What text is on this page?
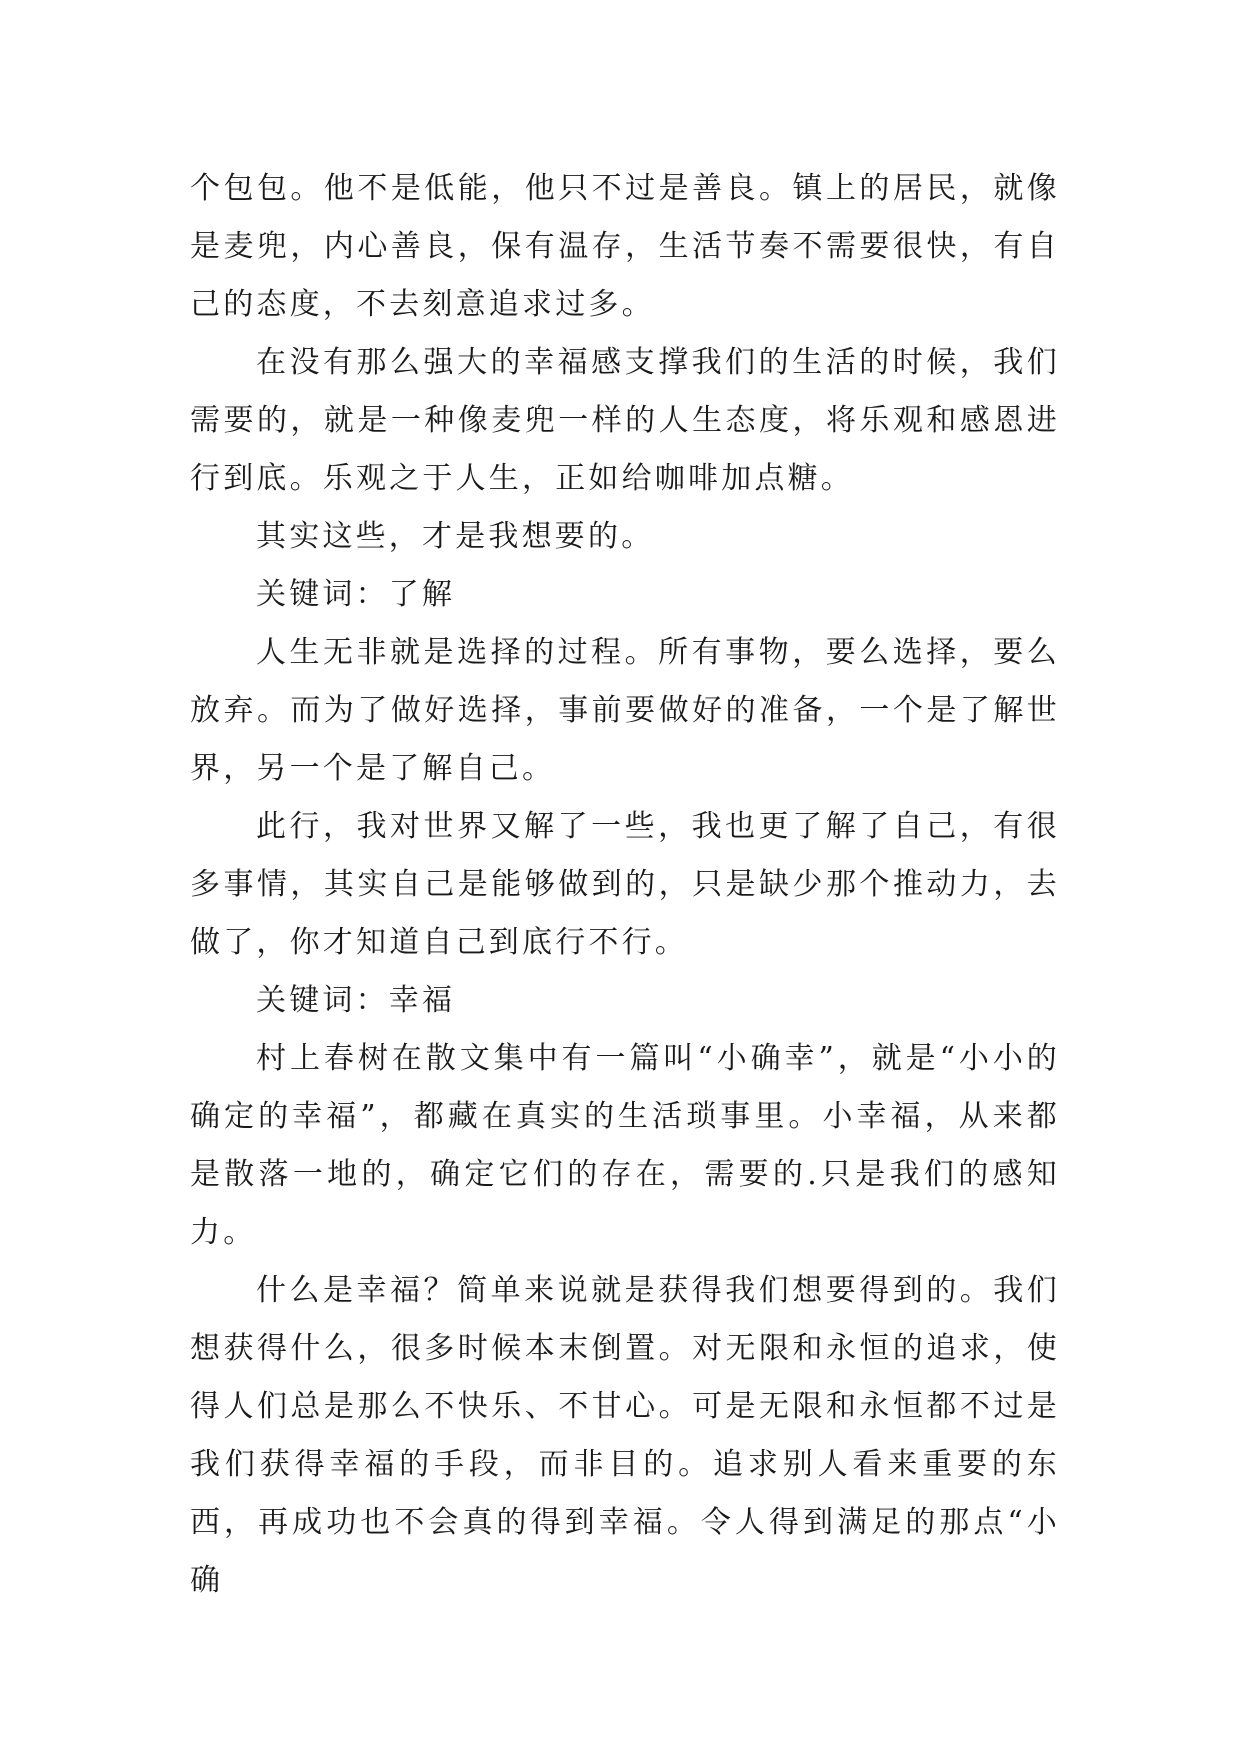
个包包。他不是低能，他只不过是善良。镇上的居民，就像是麦兜，内心善良，保有温存，生活节奏不需要很快，有自己的态度，不去刻意追求过多。

在没有那么强大的幸福感支撑我们的生活的时候，我们需要的，就是一种像麦兜一样的人生态度，将乐观和感恩进行到底。乐观之于人生，正如给咖啡加点糖。

其实这些，才是我想要的。

关键词：了解

人生无非就是选择的过程。所有事物，要么选择，要么放弃。而为了做好选择，事前要做好的准备，一个是了解世界，另一个是了解自己。

此行，我对世界又解了一些，我也更了解了自己，有很多事情，其实自己是能够做到的，只是缺少那个推动力，去做了，你才知道自己到底行不行。

关键词：幸福

村上春树在散文集中有一篇叫“小确幸”，就是“小小的确定的幸福”，都藏在真实的生活琐事里。小幸福，从来都是散落一地的，确定它们的存在，需要的.只是我们的感知力。

什么是幸福？简单来说就是获得我们想要得到的。我们想获得什么，很多时候本末倒置。对无限和永恒的追求，使得人们总是那么不快乐、不甘心。可是无限和永恒都不过是我们获得幸福的手段，而非目的。追求别人看来重要的东西，再成功也不会真的得到幸福。令人得到满足的那点“小确
